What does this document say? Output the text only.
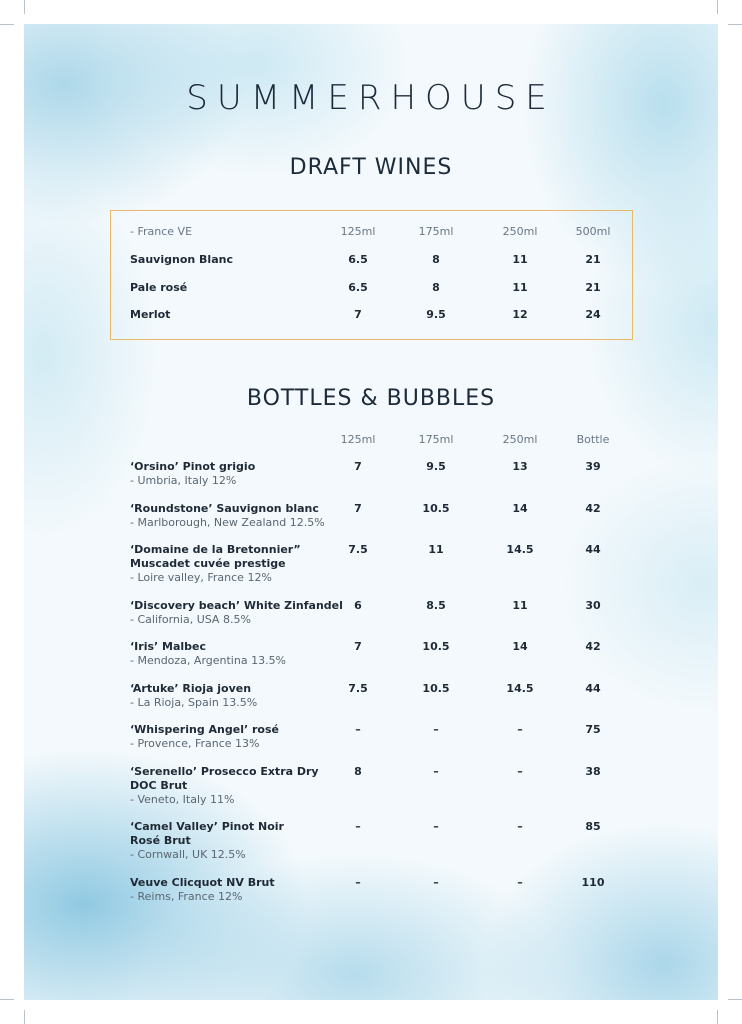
SUMMERHOUSE
DRAFT WINES
- France VE	125ml	175ml	250ml	500ml
Sauvignon Blanc	6.5	8	11	21
Pale rosé	6.5	8	11	21
Merlot	7	9.5	12	24
BOTTLES & BUBBLES
125ml	175ml	250ml	Bottle
‘Orsino’ Pinot grigio
- Umbria, Italy 12%
7	9.5	13	39
‘Roundstone’ Sauvignon blanc
- Marlborough, New Zealand 12.5%
7	10.5	14	42
‘Domaine de la Bretonnier”
Muscadet cuvée prestige
- Loire valley, France 12%
7.5	11	14.5	44
‘Discovery beach’ White Zinfandel
- California, USA 8.5%
6	8.5	11	30
‘Iris’ Malbec
- Mendoza, Argentina 13.5%
7	10.5	14	42
‘Artuke’ Rioja joven
- La Rioja, Spain 13.5%
7.5	10.5	14.5	44
‘Whispering Angel’ rosé
- Provence, France 13%
–	–	–	75
‘Serenello’ Prosecco Extra Dry
DOC Brut
- Veneto, Italy 11%
8	–	–	38
‘Camel Valley’ Pinot Noir
Rosé Brut
- Cornwall, UK 12.5%
–	–	–	85
Veuve Clicquot NV Brut
- Reims, France 12%
–	–	–	110
